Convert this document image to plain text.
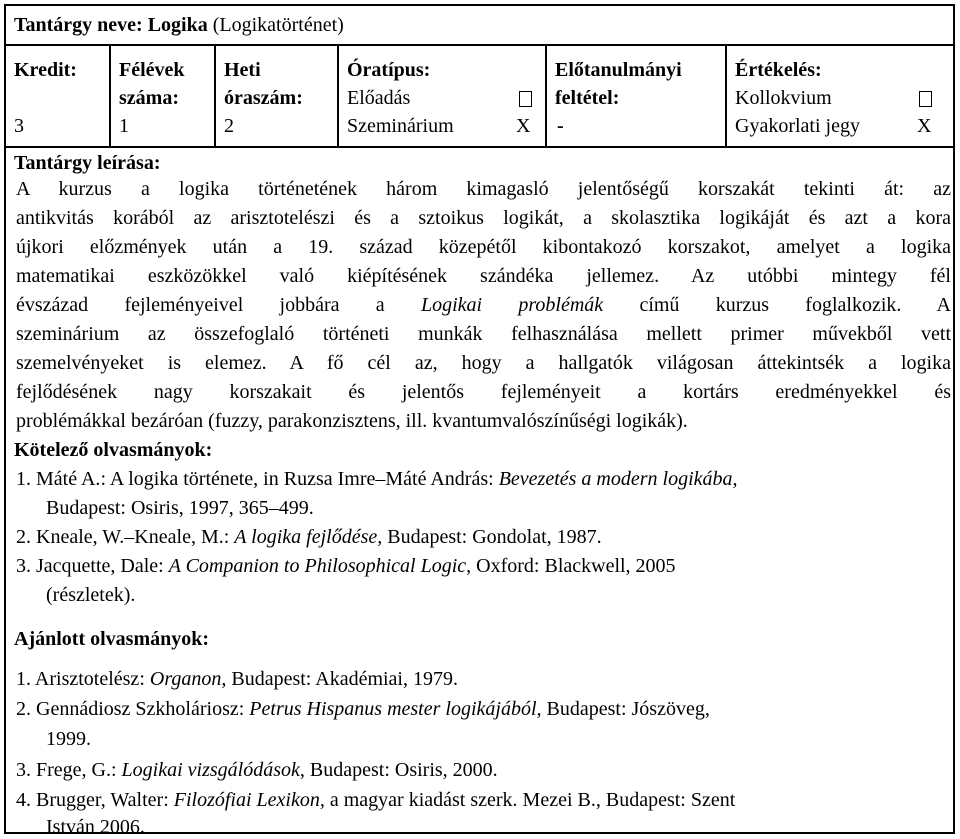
Tantárgy neve: Logika (Logikatörténet)
Kredit:
3
Félévek
száma:
1
Heti
óraszám:
2
Óratípus:
Előadás
Szeminárium	X
Előtanulmányi
feltétel:
-
Értékelés:
Kollokvium
Gyakorlati jegy	X
Tantárgy leírása:
A kurzus a logika történetének három kimagasló jelentőségű korszakát tekinti át: az
antikvitás korából az arisztotelészi és a sztoikus logikát, a skolasztika logikáját és azt a kora
újkori előzmények után a 19. század közepétől kibontakozó korszakot, amelyet a logika
matematikai eszközökkel való kiépítésének szándéka jellemez. Az utóbbi mintegy fél
évszázad fejleményeivel jobbára a Logikai problémák című kurzus foglalkozik. A
szeminárium az összefoglaló történeti munkák felhasználása mellett primer művekből vett
szemelvényeket is elemez. A fő cél az, hogy a hallgatók világosan áttekintsék a logika
fejlődésének nagy korszakait és jelentős fejleményeit a kortárs eredményekkel és
problémákkal bezáróan (fuzzy, parakonzisztens, ill. kvantumvalószínűségi logikák).
Kötelező olvasmányok:
1. Máté A.: A logika története, in Ruzsa Imre–Máté András: Bevezetés a modern logikába,
Budapest: Osiris, 1997, 365–499.
2. Kneale, W.–Kneale, M.: A logika fejlődése, Budapest: Gondolat, 1987.
3. Jacquette, Dale: A Companion to Philosophical Logic, Oxford: Blackwell, 2005
(részletek).
Ajánlott olvasmányok:
1. Arisztotelész: Organon, Budapest: Akadémiai, 1979.
2. Gennádiosz Szkholáriosz: Petrus Hispanus mester logikájából, Budapest: Jószöveg,
1999.
3. Frege, G.: Logikai vizsgálódások, Budapest: Osiris, 2000.
4. Brugger, Walter: Filozófiai Lexikon, a magyar kiadást szerk. Mezei B., Budapest: Szent
István 2006.
